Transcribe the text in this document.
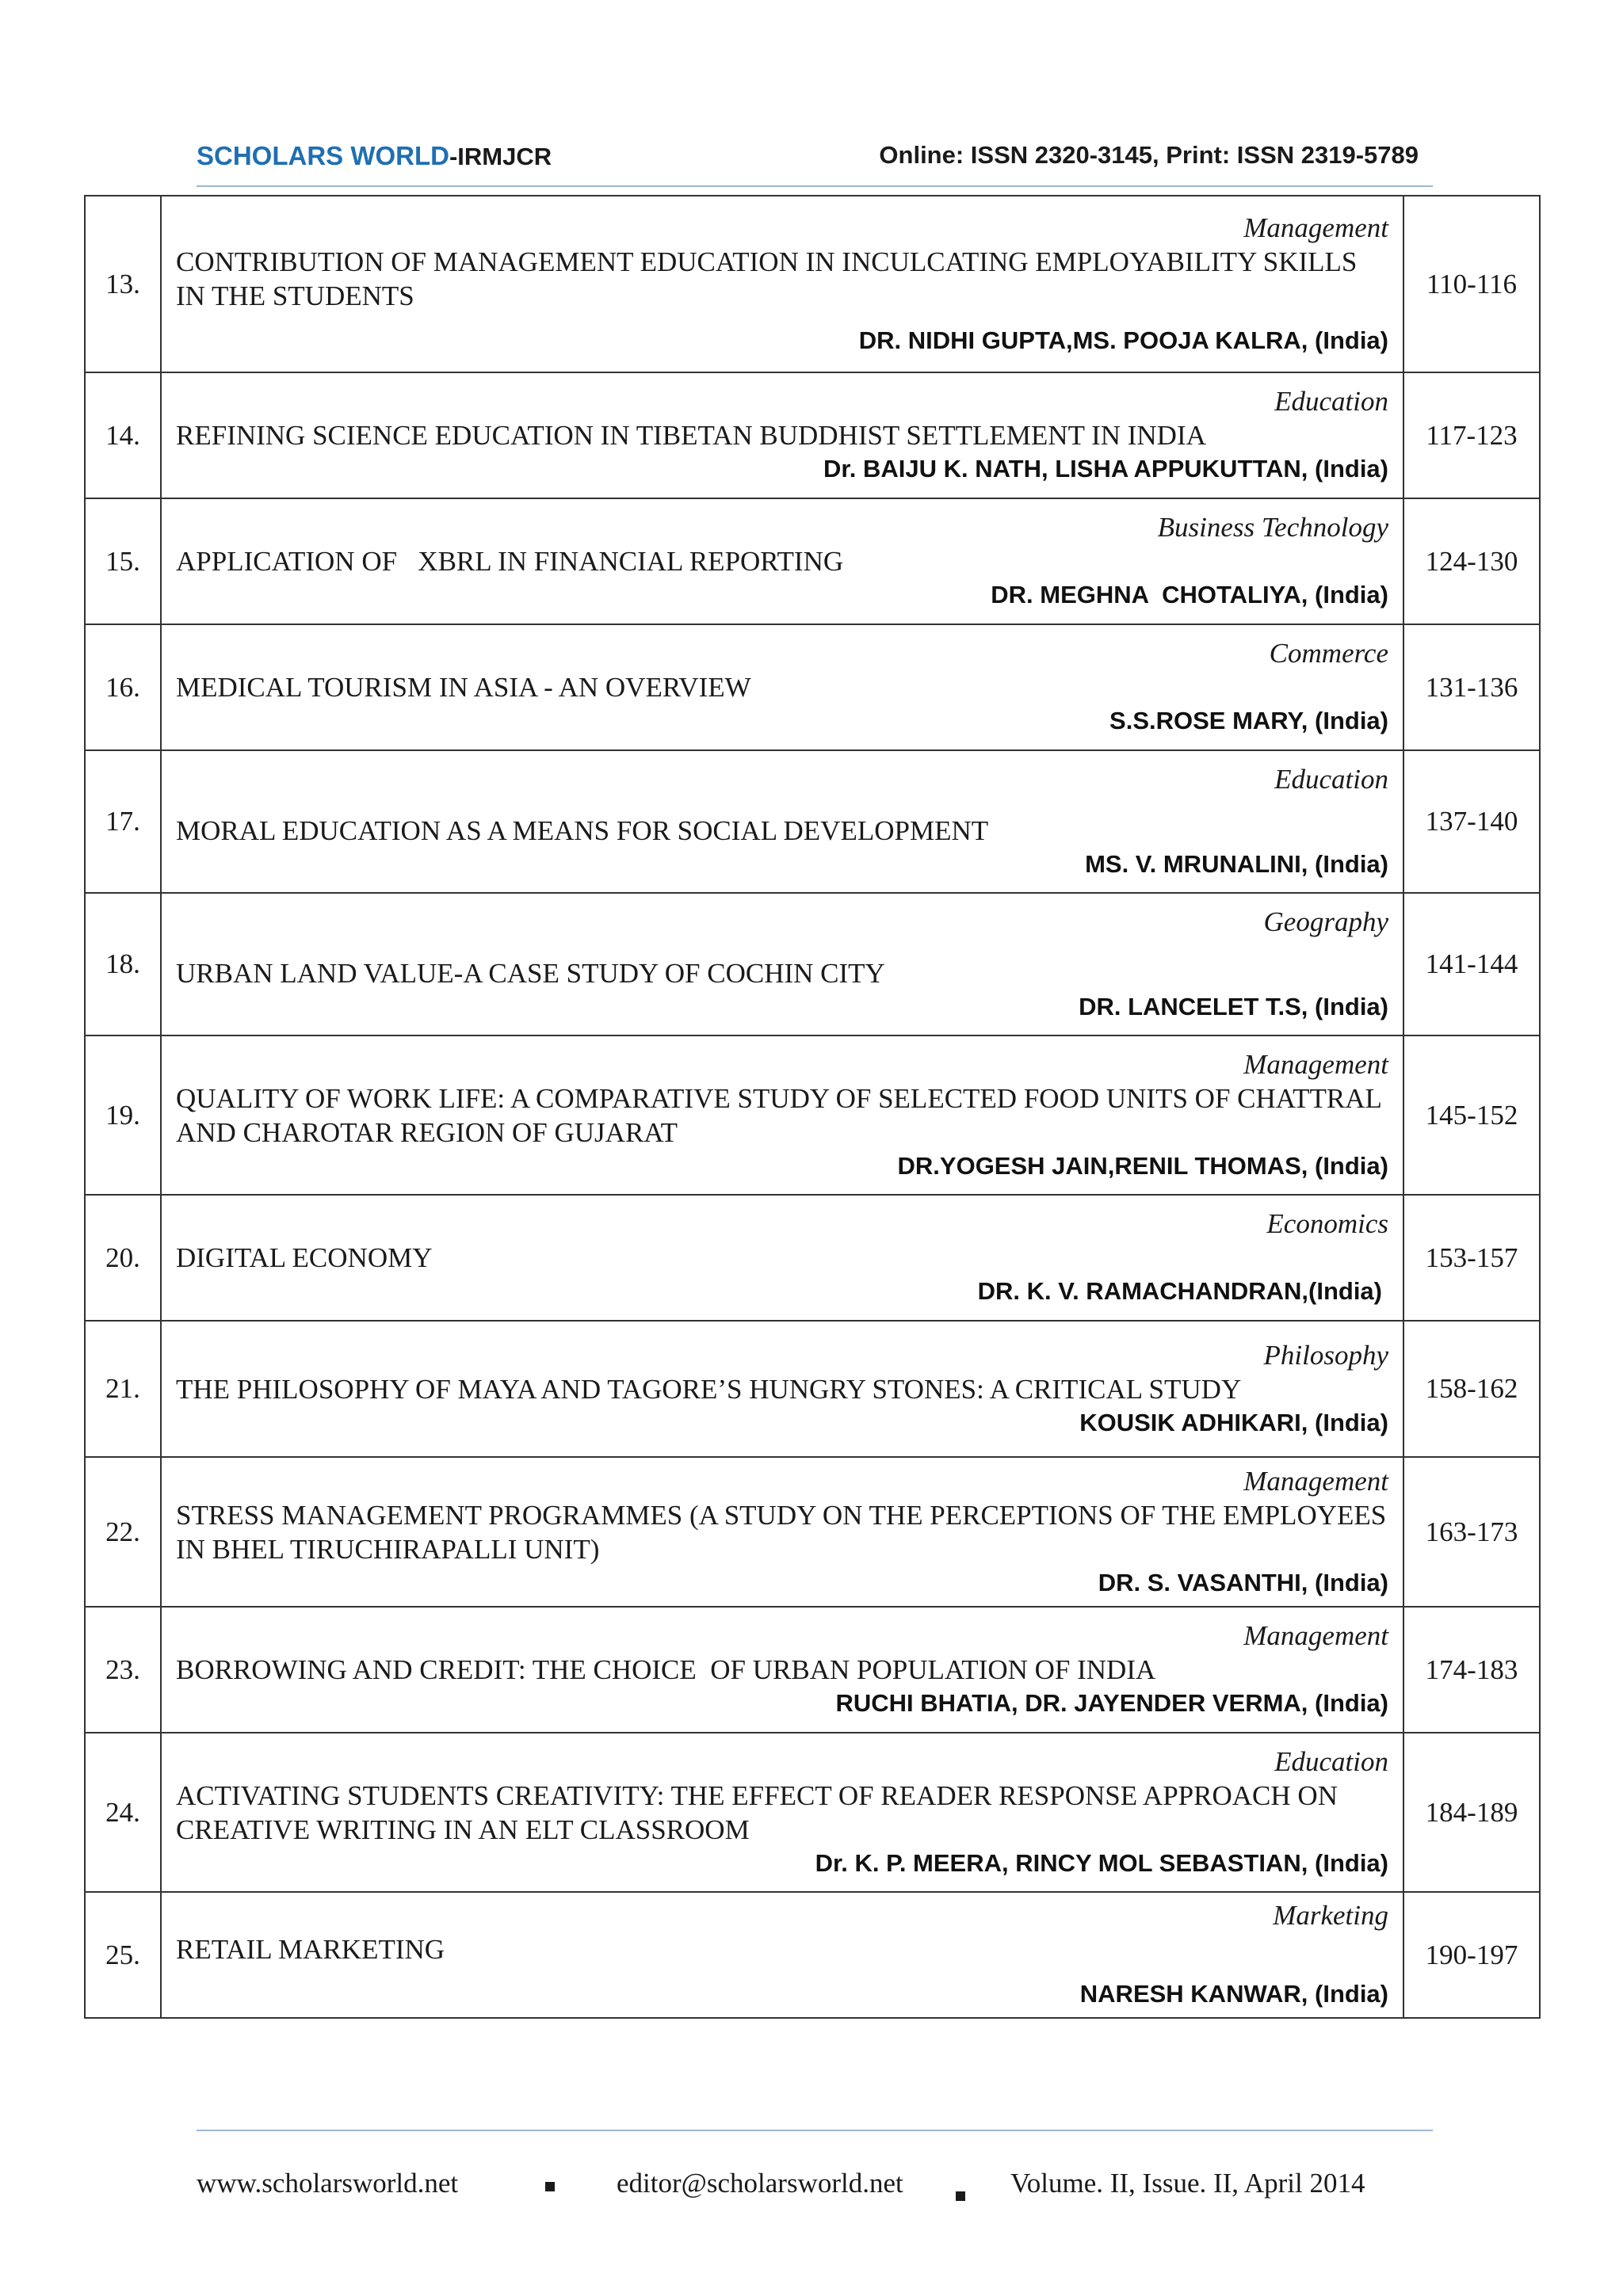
SCHOLARS WORLD-IRMJCR	Online: ISSN 2320-3145, Print: ISSN 2319-5789
13.	Management
CONTRIBUTION OF MANAGEMENT EDUCATION IN INCULCATING EMPLOYABILITY SKILLS IN THE STUDENTS
DR. NIDHI GUPTA,MS. POOJA KALRA, (India)	110-116
14.	Education
REFINING SCIENCE EDUCATION IN TIBETAN BUDDHIST SETTLEMENT IN INDIA
Dr. BAIJU K. NATH, LISHA APPUKUTTAN, (India)	117-123
15.	Business Technology
APPLICATION OF   XBRL IN FINANCIAL REPORTING
DR. MEGHNA  CHOTALIYA, (India)	124-130
16.	Commerce
MEDICAL TOURISM IN ASIA - AN OVERVIEW
S.S.ROSE MARY, (India)	131-136
17.	Education
MORAL EDUCATION AS A MEANS FOR SOCIAL DEVELOPMENT
MS. V. MRUNALINI, (India)	137-140
18.	Geography
URBAN LAND VALUE-A CASE STUDY OF COCHIN CITY
DR. LANCELET T.S, (India)	141-144
19.	Management
QUALITY OF WORK LIFE: A COMPARATIVE STUDY OF SELECTED FOOD UNITS OF CHATTRAL AND CHAROTAR REGION OF GUJARAT
DR.YOGESH JAIN,RENIL THOMAS, (India)	145-152
20.	Economics
DIGITAL ECONOMY
DR. K. V. RAMACHANDRAN,(India)	153-157
21.	Philosophy
THE PHILOSOPHY OF MAYA AND TAGORE’S HUNGRY STONES: A CRITICAL STUDY
KOUSIK ADHIKARI, (India)	158-162
22.	Management
STRESS MANAGEMENT PROGRAMMES (A STUDY ON THE PERCEPTIONS OF THE EMPLOYEES IN BHEL TIRUCHIRAPALLI UNIT)
DR. S. VASANTHI, (India)	163-173
23.	Management
BORROWING AND CREDIT: THE CHOICE  OF URBAN POPULATION OF INDIA
RUCHI BHATIA, DR. JAYENDER VERMA, (India)	174-183
24.	Education
ACTIVATING STUDENTS CREATIVITY: THE EFFECT OF READER RESPONSE APPROACH ON CREATIVE WRITING IN AN ELT CLASSROOM
Dr. K. P. MEERA, RINCY MOL SEBASTIAN, (India)	184-189
25.	Marketing
RETAIL MARKETING
NARESH KANWAR, (India)	190-197
www.scholarsworld.net	editor@scholarsworld.net	Volume. II, Issue. II, April 2014
